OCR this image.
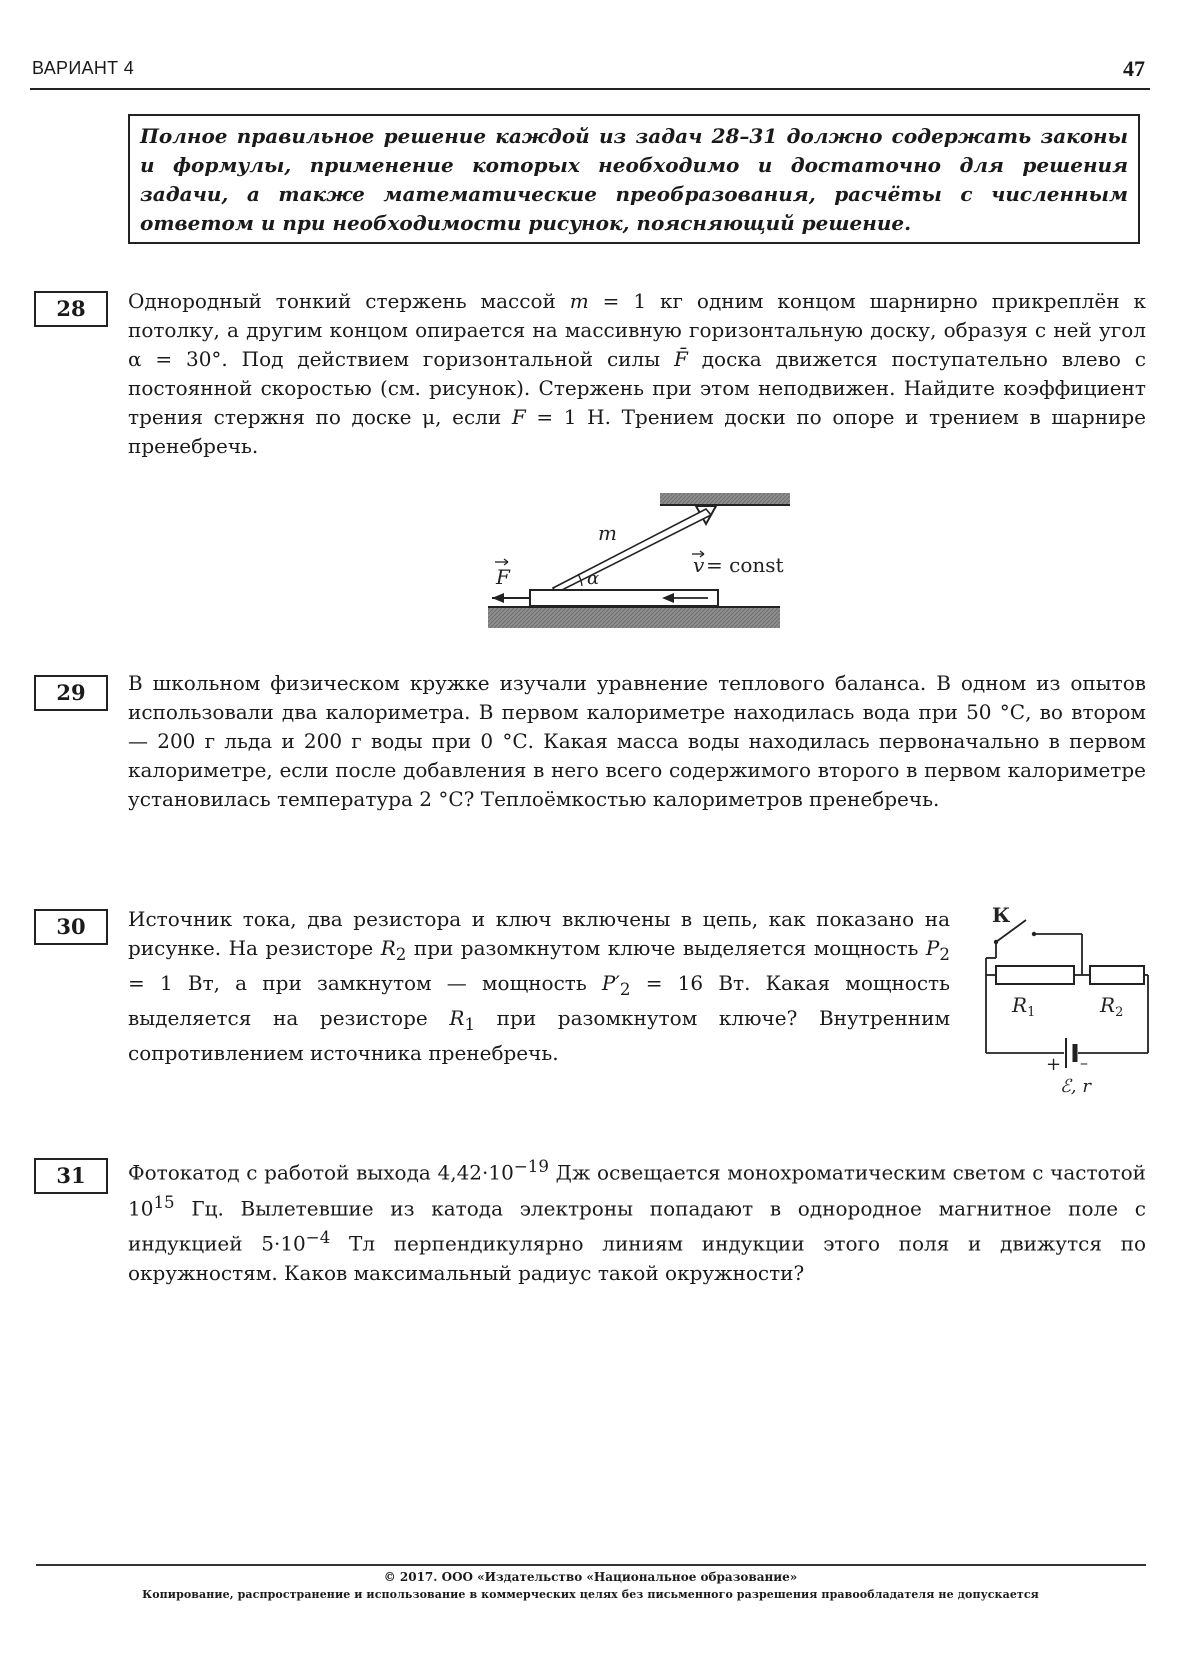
ВАРИАНТ 4	47
Полное правильное решение каждой из задач 28–31 должно содержать законы и формулы, применение которых необходимо и достаточно для решения задачи, а также математические преобразования, расчёты с численным ответом и при необходимости рисунок, поясняющий решение.
28	Однородный тонкий стержень массой m = 1 кг одним концом шарнирно прикреплён к потолку, а другим концом опирается на массивную горизонтальную доску, образуя с ней угол α = 30°. Под действием горизонтальной силы F̄ доска движется поступательно влево с постоянной скоростью (см. рисунок). Стержень при этом неподвижен. Найдите коэффициент трения стержня по доске μ, если F = 1 Н. Трением доски по опоре и трением в шарнире пренебречь.
m
α
F	v = const
29	В школьном физическом кружке изучали уравнение теплового баланса. В одном из опытов использовали два калориметра. В первом калориметре находилась вода при 50 °С, во втором — 200 г льда и 200 г воды при 0 °С. Какая масса воды находилась первоначально в первом калориметре, если после добавления в него всего содержимого второго в первом калориметре установилась температура 2 °С? Теплоёмкостью калориметров пренебречь.
30	Источник тока, два резистора и ключ включены в цепь, как показано на рисунке. На резисторе $R_2$ при разомкнутом ключе выделяется мощность $P_2 = 1$ Вт, а при замкнутом — мощность $P'_2 = 16$ Вт. Какая мощность выделяется на резисторе $R_1$ при разомкнутом ключе? Внутренним сопротивлением источника пренебречь.
К
$R_1$	$R_2$
+ –
ℰ, r
31	Фотокатод с работой выхода $4,42\cdot 10^{-19}$ Дж освещается монохроматическим светом с частотой $10^{15}$ Гц. Вылетевшие из катода электроны попадают в однородное магнитное поле с индукцией $5\cdot 10^{-4}$ Тл перпендикулярно линиям индукции этого поля и движутся по окружностям. Каков максимальный радиус такой окружности?
© 2017. ООО «Издательство «Национальное образование»
Копирование, распространение и использование в коммерческих целях без письменного разрешения правообладателя не допускается
